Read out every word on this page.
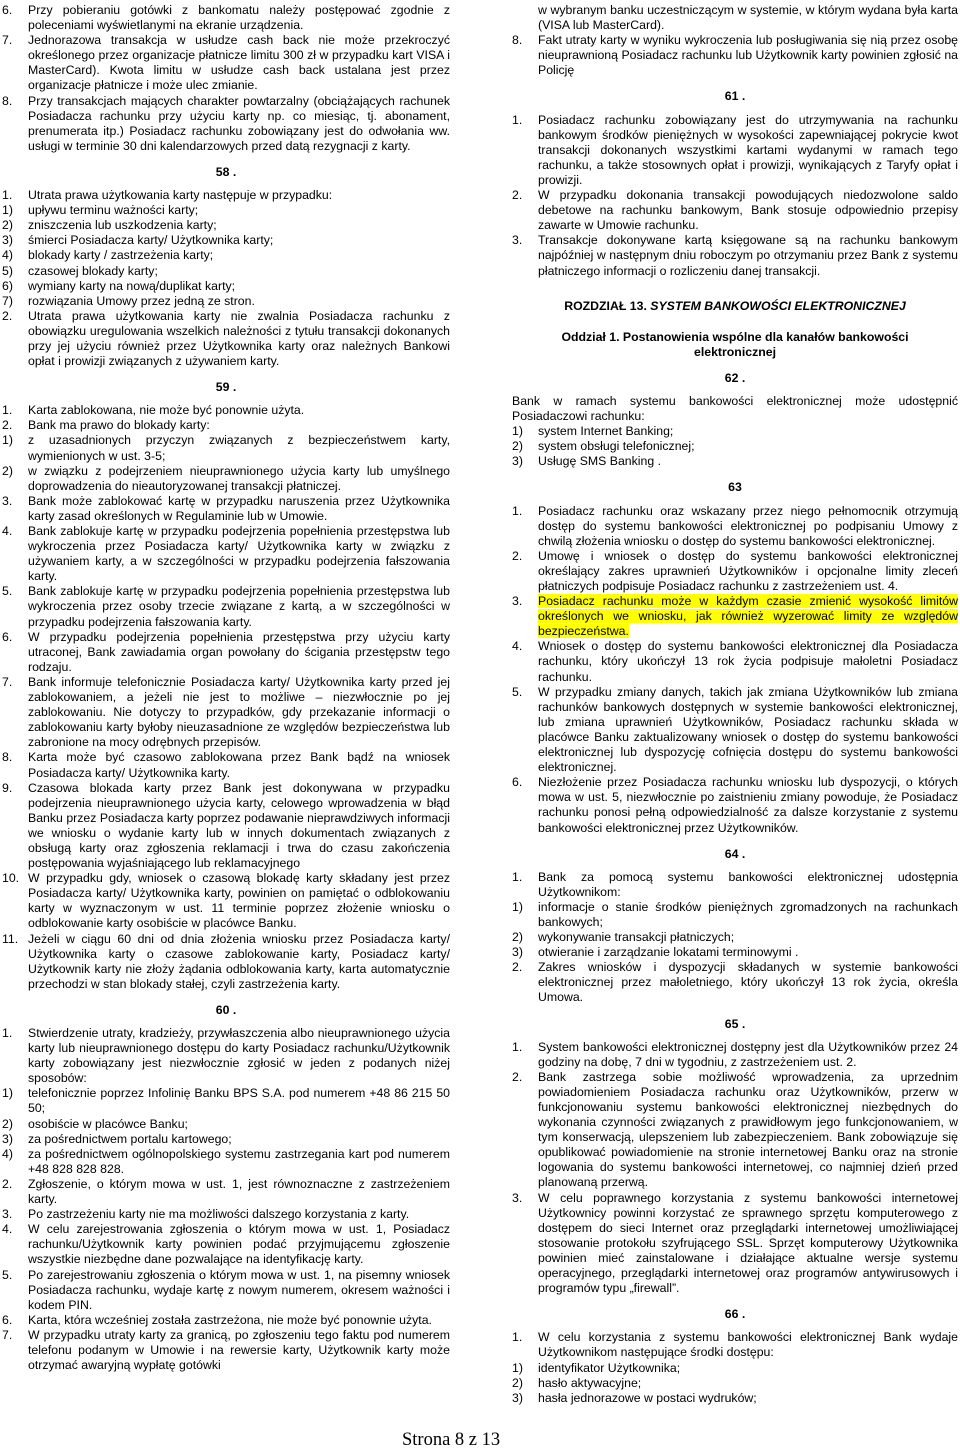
6. Przy pobieraniu gotówki z bankomatu należy postępować zgodnie z poleceniami wyświetlanymi na ekranie urządzenia.
7. Jednorazowa transakcja w usłudze cash back nie może przekroczyć określonego przez organizacje płatnicze limitu 300 zł w przypadku kart VISA i MasterCard). Kwota limitu w usłudze cash back ustalana jest przez organizacje płatnicze i może ulec zmianie.
8. Przy transakcjach mających charakter powtarzalny (obciążających rachunek Posiadacza rachunku przy użyciu karty np. co miesiąc, tj. abonament, prenumerata itp.) Posiadacz rachunku zobowiązany jest do odwołania ww. usługi w terminie 30 dni kalendarzowych przed datą rezygnacji z karty.
58 .
1. Utrata prawa użytkowania karty następuje w przypadku:
1) upływu terminu ważności karty;
2) zniszczenia lub uszkodzenia karty;
3) śmierci Posiadacza karty/ Użytkownika karty;
4) blokady karty / zastrzeżenia karty;
5) czasowej blokady karty;
6) wymiany karty na nową/duplikat karty;
7) rozwiązania Umowy przez jedną ze stron.
2. Utrata prawa użytkowania karty nie zwalnia Posiadacza rachunku z obowiązku uregulowania wszelkich należności z tytułu transakcji dokonanych przy jej użyciu również przez Użytkownika karty oraz należnych Bankowi opłat i prowizji związanych z używaniem karty.
59 .
1. Karta zablokowana, nie może być ponownie użyta.
2. Bank ma prawo do blokady karty:
1) z uzasadnionych przyczyn związanych z bezpieczeństwem karty, wymienionych w ust. 3-5;
2) w związku z podejrzeniem nieuprawnionego użycia karty lub umyślnego doprowadzenia do nieautoryzowanej transakcji płatniczej.
3. Bank może zablokować kartę w przypadku naruszenia przez Użytkownika karty zasad określonych w Regulaminie lub w Umowie.
4. Bank zablokuje kartę w przypadku podejrzenia popełnienia przestępstwa lub wykroczenia przez Posiadacza karty/ Użytkownika karty w związku z używaniem karty, a w szczególności w przypadku podejrzenia fałszowania karty.
5. Bank zablokuje kartę w przypadku podejrzenia popełnienia przestępstwa lub wykroczenia przez osoby trzecie związane z kartą, a w szczególności w przypadku podejrzenia fałszowania karty.
6. W przypadku podejrzenia popełnienia przestępstwa przy użyciu karty utraconej, Bank zawiadamia organ powołany do ścigania przestępstw tego rodzaju.
7. Bank informuje telefonicznie Posiadacza karty/ Użytkownika karty przed jej zablokowaniem, a jeżeli nie jest to możliwe – niezwłocznie po jej zablokowaniu. Nie dotyczy to przypadków, gdy przekazanie informacji o zablokowaniu karty byłoby nieuzasadnione ze względów bezpieczeństwa lub zabronione na mocy odrębnych przepisów.
8. Karta może być czasowo zablokowana przez Bank bądź na wniosek Posiadacza karty/ Użytkownika karty.
9. Czasowa blokada karty przez Bank jest dokonywana w przypadku podejrzenia nieuprawnionego użycia karty, celowego wprowadzenia w błąd Banku przez Posiadacza karty poprzez podawanie nieprawdziwych informacji we wniosku o wydanie karty lub w innych dokumentach związanych z obsługą karty oraz zgłoszenia reklamacji i trwa do czasu zakończenia postępowania wyjaśniającego lub reklamacyjnego
10. W przypadku gdy, wniosek o czasową blokadę karty składany jest przez Posiadacza karty/ Użytkownika karty, powinien on pamiętać o odblokowaniu karty w wyznaczonym w ust. 11 terminie poprzez złożenie wniosku o odblokowanie karty osobiście w placówce Banku.
11. Jeżeli w ciągu 60 dni od dnia złożenia wniosku przez Posiadacza karty/ Użytkownika karty o czasowe zablokowanie karty, Posiadacz karty/ Użytkownik karty nie złoży żądania odblokowania karty, karta automatycznie przechodzi w stan blokady stałej, czyli zastrzeżenia karty.
60 .
1. Stwierdzenie utraty, kradzieży, przywłaszczenia albo nieuprawnionego użycia karty lub nieuprawnionego dostępu do karty Posiadacz rachunku/Użytkownik karty zobowiązany jest niezwłocznie zgłosić w jeden z podanych niżej sposobów:
1) telefonicznie poprzez Infolinię Banku BPS S.A. pod numerem +48 86 215 50 50;
2) osobiście w placówce Banku;
3) za pośrednictwem portalu kartowego;
4) za pośrednictwem ogólnopolskiego systemu zastrzegania kart pod numerem +48 828 828 828.
2. Zgłoszenie, o którym mowa w ust. 1, jest równoznaczne z zastrzeżeniem karty.
3. Po zastrzeżeniu karty nie ma możliwości dalszego korzystania z karty.
4. W celu zarejestrowania zgłoszenia o którym mowa w ust. 1, Posiadacz rachunku/Użytkownik karty powinien podać przyjmującemu zgłoszenie wszystkie niezbędne dane pozwalające na identyfikację karty.
5. Po zarejestrowaniu zgłoszenia o którym mowa w ust. 1, na pisemny wniosek Posiadacza rachunku, wydaje kartę z nowym numerem, okresem ważności i kodem PIN.
6. Karta, która wcześniej została zastrzeżona, nie może być ponownie użyta.
7. W przypadku utraty karty za granicą, po zgłoszeniu tego faktu pod numerem telefonu podanym w Umowie i na rewersie karty, Użytkownik karty może otrzymać awaryjną wypłatę gotówki

w wybranym banku uczestniczącym w systemie, w którym wydana była karta (VISA lub MasterCard).

8. Fakt utraty karty w wyniku wykroczenia lub posługiwania się nią przez osobę nieuprawnioną Posiadacz rachunku lub Użytkownik karty powinien zgłosić na Policję
61 .
1. Posiadacz rachunku zobowiązany jest do utrzymywania na rachunku bankowym środków pieniężnych w wysokości zapewniającej pokrycie kwot transakcji dokonanych wszystkimi kartami wydanymi w ramach tego rachunku, a także stosownych opłat i prowizji, wynikających z Taryfy opłat i prowizji.
2. W przypadku dokonania transakcji powodujących niedozwolone saldo debetowe na rachunku bankowym, Bank stosuje odpowiednio przepisy zawarte w Umowie rachunku.
3. Transakcje dokonywane kartą księgowane są na rachunku bankowym najpóźniej w następnym dniu roboczym po otrzymaniu przez Bank z systemu płatniczego informacji o rozliczeniu danej transakcji.
ROZDZIAŁ 13. SYSTEM BANKOWOŚCI ELEKTRONICZNEJ
Oddział 1. Postanowienia wspólne dla kanałów bankowości elektronicznej
62 .

Bank w ramach systemu bankowości elektronicznej może udostępnić Posiadaczowi rachunku:

1) system Internet Banking;
2) system obsługi telefonicznej;
3) Usługę SMS Banking .
63
1. Posiadacz rachunku oraz wskazany przez niego pełnomocnik otrzymują dostęp do systemu bankowości elektronicznej po podpisaniu Umowy z chwilą złożenia wniosku o dostęp do systemu bankowości elektronicznej.
2. Umowę i wniosek o dostęp do systemu bankowości elektronicznej określający zakres uprawnień Użytkowników i opcjonalne limity zleceń płatniczych podpisuje Posiadacz rachunku z zastrzeżeniem ust. 4.
3. Posiadacz rachunku może w każdym czasie zmienić wysokość limitów określonych we wniosku, jak również wyzerować limity ze względów bezpieczeństwa.
4. Wniosek o dostęp do systemu bankowości elektronicznej dla Posiadacza rachunku, który ukończył 13 rok życia podpisuje małoletni Posiadacz rachunku.
5. W przypadku zmiany danych, takich jak zmiana Użytkowników lub zmiana rachunków bankowych dostępnych w systemie bankowości elektronicznej, lub zmiana uprawnień Użytkowników, Posiadacz rachunku składa w placówce Banku zaktualizowany wniosek o dostęp do systemu bankowości elektronicznej lub dyspozycję cofnięcia dostępu do systemu bankowości elektronicznej.
6. Niezłożenie przez Posiadacza rachunku wniosku lub dyspozycji, o których mowa w ust. 5, niezwłocznie po zaistnieniu zmiany powoduje, że Posiadacz rachunku ponosi pełną odpowiedzialność za dalsze korzystanie z systemu bankowości elektronicznej przez Użytkowników.
64 .
1. Bank za pomocą systemu bankowości elektronicznej udostępnia Użytkownikom:
1) informacje o stanie środków pieniężnych zgromadzonych na rachunkach bankowych;
2) wykonywanie transakcji płatniczych;
3) otwieranie i zarządzanie lokatami terminowymi .
2. Zakres wniosków i dyspozycji składanych w systemie bankowości elektronicznej przez małoletniego, który ukończył 13 rok życia, określa Umowa.
65 .
1. System bankowości elektronicznej dostępny jest dla Użytkowników przez 24 godziny na dobę, 7 dni w tygodniu, z zastrzeżeniem ust. 2.
2. Bank zastrzega sobie możliwość wprowadzenia, za uprzednim powiadomieniem Posiadacza rachunku oraz Użytkowników, przerw w funkcjonowaniu systemu bankowości elektronicznej niezbędnych do wykonania czynności związanych z prawidłowym jego funkcjonowaniem, w tym konserwacją, ulepszeniem lub zabezpieczeniem. Bank zobowiązuje się opublikować powiadomienie na stronie internetowej Banku oraz na stronie logowania do systemu bankowości internetowej, co najmniej dzień przed planowaną przerwą.
3. W celu poprawnego korzystania z systemu bankowości internetowej Użytkownicy powinni korzystać ze sprawnego sprzętu komputerowego z dostępem do sieci Internet oraz przeglądarki internetowej umożliwiającej stosowanie protokołu szyfrującego SSL. Sprzęt komputerowy Użytkownika powinien mieć zainstalowane i działające aktualne wersje systemu operacyjnego, przeglądarki internetowej oraz programów antywirusowych i programów typu „firewall”.
66 .
1. W celu korzystania z systemu bankowości elektronicznej Bank wydaje Użytkownikom następujące środki dostępu:
1) identyfikator Użytkownika;
2) hasło aktywacyjne;
3) hasła jednorazowe w postaci wydruków;
Strona 8 z 13
